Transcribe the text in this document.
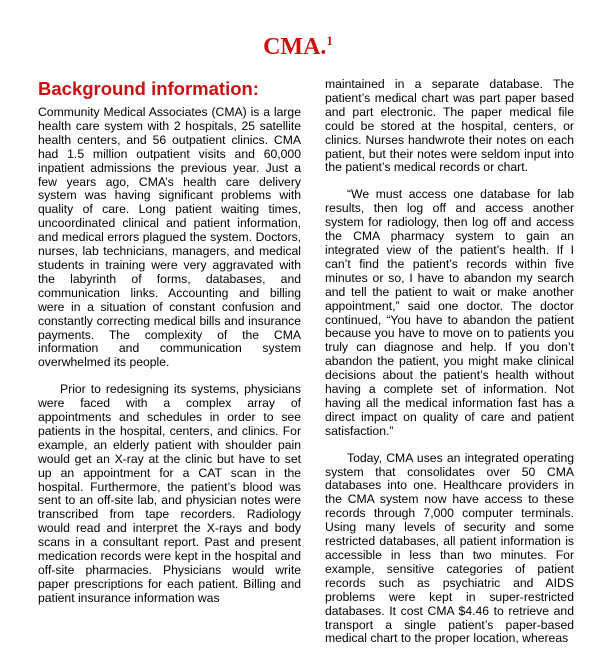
CMA.$^1$
Background information:

Community Medical Associates (CMA) is a large health care system with 2 hospitals, 25 satellite health centers, and 56 outpatient clinics. CMA had 1.5 million outpatient visits and 60,000 inpatient admissions the previous year. Just a few years ago, CMA’s health care delivery system was having significant problems with quality of care. Long patient waiting times, uncoordinated clinical and patient information, and medical errors plagued the system. Doctors, nurses, lab technicians, managers, and medical students in training were very aggravated with the labyrinth of forms, databases, and communication links. Accounting and billing were in a situation of constant confusion and constantly correcting medical bills and insurance payments. The complexity of the CMA information and communication system overwhelmed its people.

Prior to redesigning its systems, physicians were faced with a complex array of appointments and schedules in order to see patients in the hospital, centers, and clinics. For example, an elderly patient with shoulder pain would get an X-ray at the clinic but have to set up an appointment for a CAT scan in the hospital. Furthermore, the patient’s blood was sent to an off-site lab, and physician notes were transcribed from tape recorders. Radiology would read and interpret the X-rays and body scans in a consultant report. Past and present medication records were kept in the hospital and off-site pharmacies. Physicians would write paper prescriptions for each patient. Billing and patient insurance information was

maintained in a separate database. The patient’s medical chart was part paper based and part electronic. The paper medical file could be stored at the hospital, centers, or clinics. Nurses handwrote their notes on each patient, but their notes were seldom input into the patient’s medical records or chart.

“We must access one database for lab results, then log off and access another system for radiology, then log off and access the CMA pharmacy system to gain an integrated view of the patient’s health. If I can’t find the patient’s records within five minutes or so, I have to abandon my search and tell the patient to wait or make another appointment,” said one doctor. The doctor continued, “You have to abandon the patient because you have to move on to patients you truly can diagnose and help. If you don’t abandon the patient, you might make clinical decisions about the patient’s health without having a complete set of information. Not having all the medical information fast has a direct impact on quality of care and patient satisfaction.”

Today, CMA uses an integrated operating system that consolidates over 50 CMA databases into one. Healthcare providers in the CMA system now have access to these records through 7,000 computer terminals. Using many levels of security and some restricted databases, all patient information is accessible in less than two minutes. For example, sensitive categories of patient records such as psychiatric and AIDS problems were kept in super-restricted databases. It cost CMA $4.46 to retrieve and transport a single patient’s paper-based medical chart to the proper location, whereas
